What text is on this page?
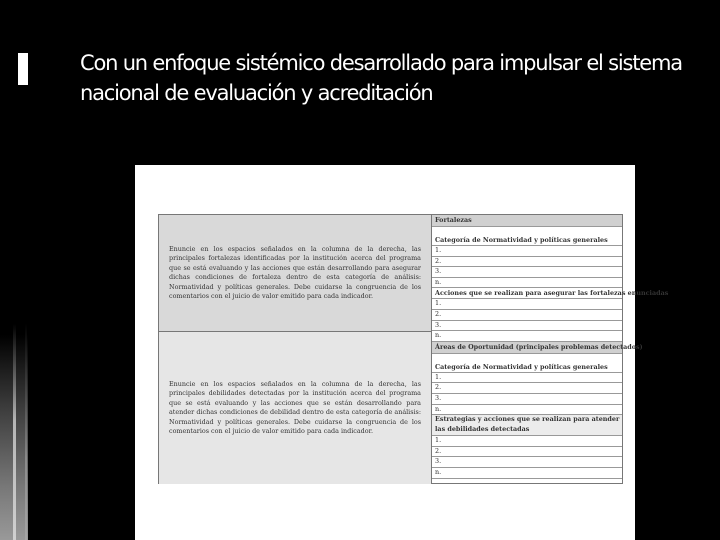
Con un enfoque sistémico desarrollado para impulsar el sistema nacional de evaluación y acreditación

Enuncie en los espacios señalados en la columna de la derecha, las principales fortalezas identificadas por la institución acerca del programa que se está evaluando y las acciones que están desarrollando para asegurar dichas condiciones de fortaleza dentro de esta categoría de análisis: Normatividad y políticas generales. Debe cuidarse la congruencia de los comentarios con el juicio de valor emitido para cada indicador.

Enuncie en los espacios señalados en la columna de la derecha, las principales debilidades detectadas por la institución acerca del programa que se está evaluando y las acciones que se están desarrollando para atender dichas condiciones de debilidad dentro de esta categoría de análisis: Normatividad y políticas generales. Debe cuidarse la congruencia de los comentarios con el juicio de valor emitido para cada indicador.

Fortalezas
Categoría de Normatividad y políticas generales
1.
2.
3.
n.
Acciones que se realizan para asegurar las fortalezas enunciadas
1.
2.
3.
n.
Áreas de Oportunidad (principales problemas detectados)
Categoría de Normatividad y políticas generales
1.
2.
3.
n.
Estrategias y acciones que se realizan para atender las debilidades detectadas
1.
2.
3.
n.
